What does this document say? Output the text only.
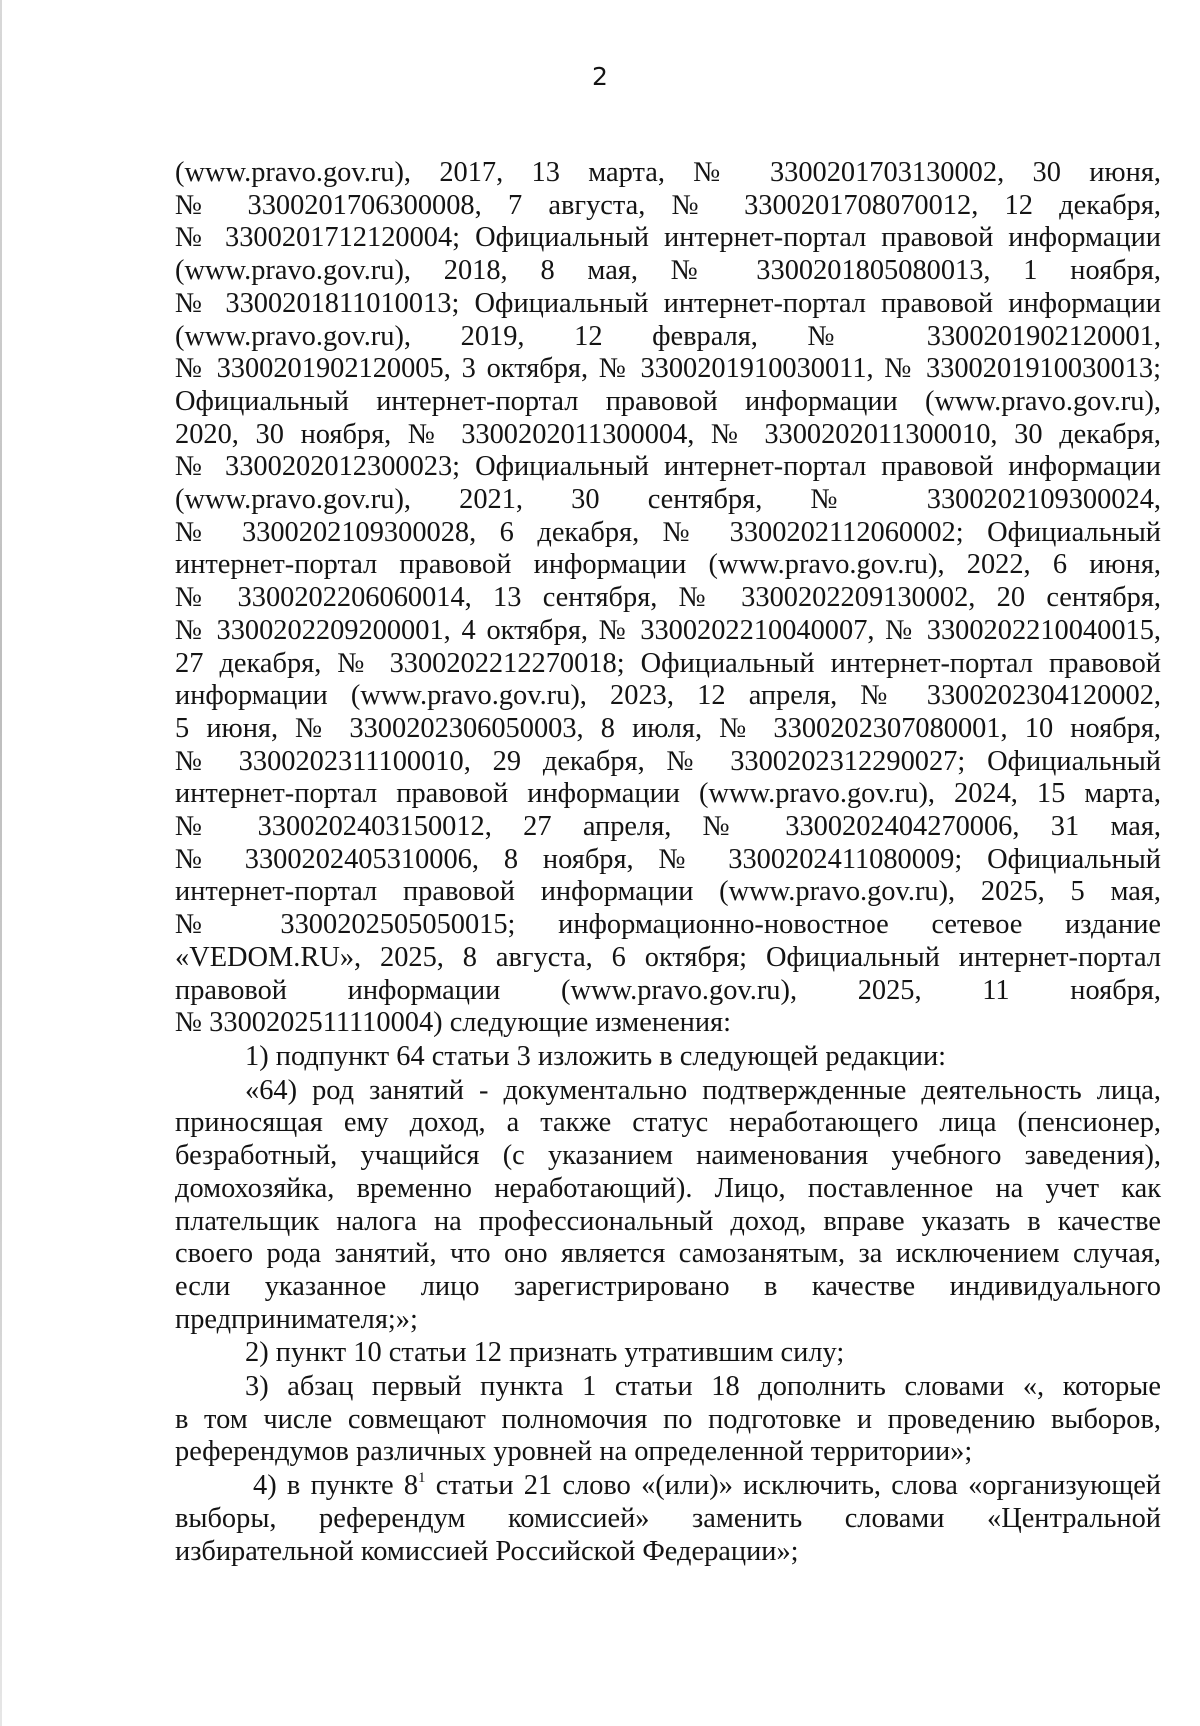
2
(www.pravo.gov.ru), 2017, 13 марта, № 3300201703130002, 30 июня,
№ 3300201706300008, 7 августа, № 3300201708070012, 12 декабря,
№ 3300201712120004; Официальный интернет-портал правовой информации
(www.pravo.gov.ru), 2018, 8 мая, № 3300201805080013, 1 ноября,
№ 3300201811010013; Официальный интернет-портал правовой информации
(www.pravo.gov.ru), 2019, 12 февраля, № 3300201902120001,
№ 3300201902120005, 3 октября, № 3300201910030011, № 3300201910030013;
Официальный интернет-портал правовой информации (www.pravo.gov.ru),
2020, 30 ноября, № 3300202011300004, № 3300202011300010, 30 декабря,
№ 3300202012300023; Официальный интернет-портал правовой информации
(www.pravo.gov.ru), 2021, 30 сентября, № 3300202109300024,
№ 3300202109300028, 6 декабря, № 3300202112060002; Официальный
интернет-портал правовой информации (www.pravo.gov.ru), 2022, 6 июня,
№ 3300202206060014, 13 сентября, № 3300202209130002, 20 сентября,
№ 3300202209200001, 4 октября, № 3300202210040007, № 3300202210040015,
27 декабря, № 3300202212270018; Официальный интернет-портал правовой
информации (www.pravo.gov.ru), 2023, 12 апреля, № 3300202304120002,
5 июня, № 3300202306050003, 8 июля, № 3300202307080001, 10 ноября,
№ 3300202311100010, 29 декабря, № 3300202312290027; Официальный
интернет-портал правовой информации (www.pravo.gov.ru), 2024, 15 марта,
№ 3300202403150012, 27 апреля, № 3300202404270006, 31 мая,
№ 3300202405310006, 8 ноября, № 3300202411080009; Официальный
интернет-портал правовой информации (www.pravo.gov.ru), 2025, 5 мая,
№ 3300202505050015; информационно-новостное сетевое издание
«VEDOM.RU», 2025, 8 августа, 6 октября; Официальный интернет-портал
правовой информации (www.pravo.gov.ru), 2025, 11 ноября,
№ 3300202511110004) следующие изменения:
1) подпункт 64 статьи 3 изложить в следующей редакции:
«64) род занятий - документально подтвержденные деятельность лица,
приносящая ему доход, а также статус неработающего лица (пенсионер,
безработный, учащийся (с указанием наименования учебного заведения),
домохозяйка, временно неработающий). Лицо, поставленное на учет как
плательщик налога на профессиональный доход, вправе указать в качестве
своего рода занятий, что оно является самозанятым, за исключением случая,
если указанное лицо зарегистрировано в качестве индивидуального
предпринимателя;»;
2) пункт 10 статьи 12 признать утратившим силу;
3) абзац первый пункта 1 статьи 18 дополнить словами «, которые
в том числе совмещают полномочия по подготовке и проведению выборов,
референдумов различных уровней на определенной территории»;
4) в пункте $8^1$ статьи 21 слово «(или)» исключить, слова «организующей
выборы, референдум комиссией» заменить словами «Центральной
избирательной комиссией Российской Федерации»;
